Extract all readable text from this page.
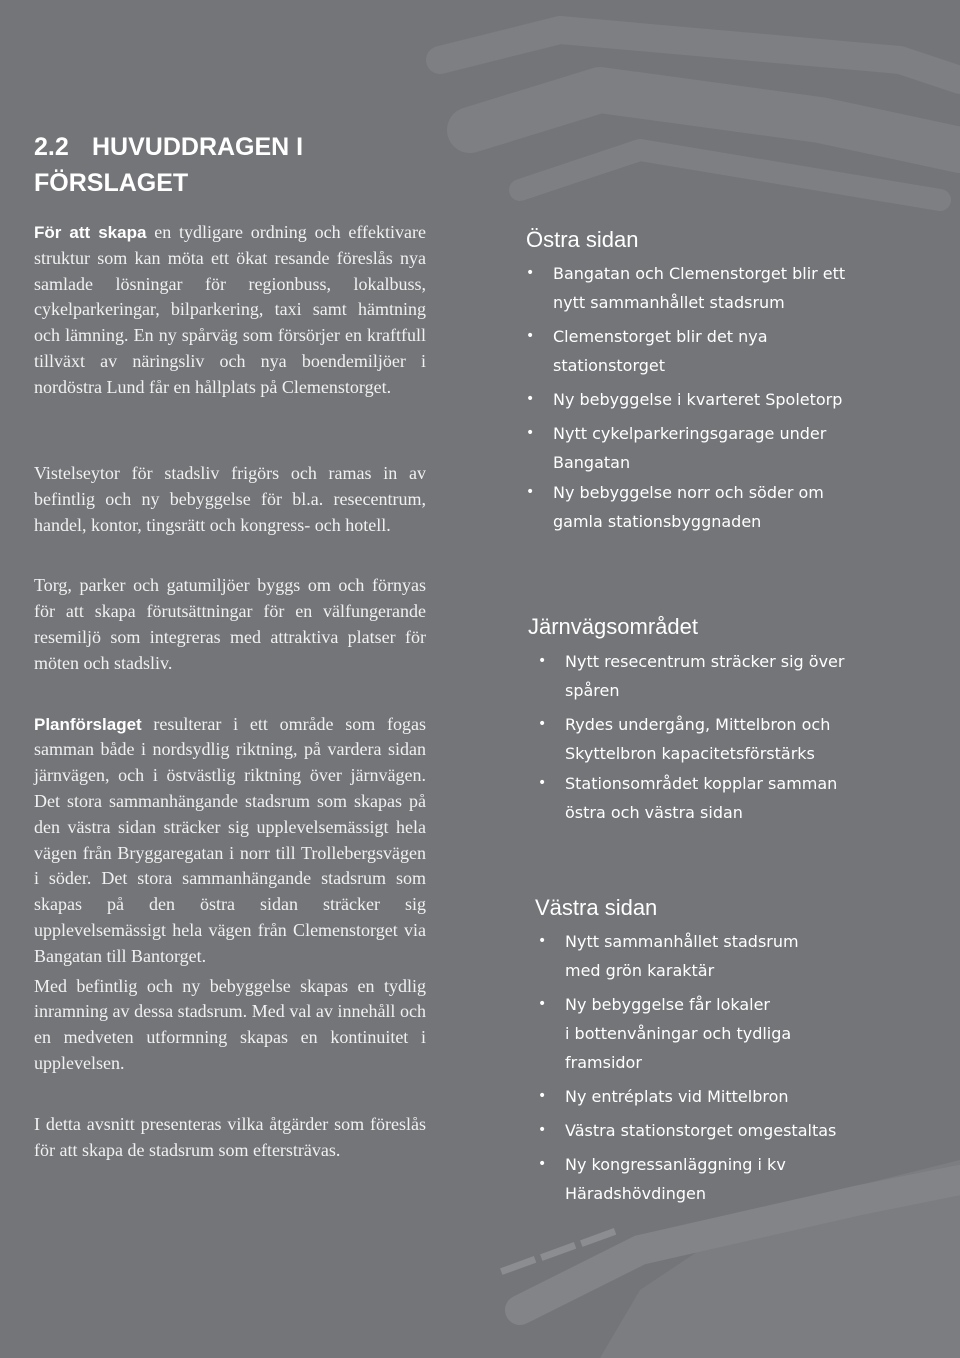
2.2 HUVUDDRAGEN I
FÖRSLAGET

För att skapa en tydligare ordning och effektivare struktur som kan möta ett ökat resande föreslås nya samlade lösningar för regionbuss, lokalbuss, cykelparkeringar, bilparkering, taxi samt hämtning och lämning. En ny spårväg som försörjer en kraftfull tillväxt av näringsliv och nya boendemiljöer i nordöstra Lund får en hållplats på Clemenstorget.

Vistelseytor för stadsliv frigörs och ramas in av befintlig och ny bebyggelse för bl.a. resecentrum, handel, kontor, tingsrätt och kongress- och hotell.

Torg, parker och gatumiljöer byggs om och förnyas för att skapa förutsättningar för en välfungerande resemiljö som integreras med attraktiva platser för möten och stadsliv.

Planförslaget resulterar i ett område som fogas samman både i nordsydlig riktning, på vardera sidan järnvägen, och i östvästlig riktning över järnvägen. Det stora sammanhängande stadsrum som skapas på den västra sidan sträcker sig upplevelsemässigt hela vägen från Bryggaregatan i norr till Trollebergsvägen i söder. Det stora sammanhängande stadsrum som skapas på den östra sidan sträcker sig upplevelsemässigt hela vägen från Clemenstorget via Bangatan till Bantorget.

Med befintlig och ny bebyggelse skapas en tydlig inramning av dessa stadsrum. Med val av innehåll och en medveten utformning skapas en kontinuitet i upplevelsen.

I detta avsnitt presenteras vilka åtgärder som föreslås för att skapa de stadsrum som eftersträvas.

Östra sidan
• Bangatan och Clemenstorget blir ett
nytt sammanhållet stadsrum
• Clemenstorget blir det nya
stationstorget
• Ny bebyggelse i kvarteret Spoletorp
• Nytt cykelparkeringsgarage under
Bangatan
• Ny bebyggelse norr och söder om
gamla stationsbyggnaden
Järnvägsområdet
• Nytt resecentrum sträcker sig över
spåren
• Rydes undergång, Mittelbron och
Skyttelbron kapacitetsförstärks
• Stationsområdet kopplar samman
östra och västra sidan
Västra sidan
• Nytt sammanhållet stadsrum
med grön karaktär
• Ny bebyggelse får lokaler
i bottenvåningar och tydliga
framsidor
• Ny entréplats vid Mittelbron
• Västra stationstorget omgestaltas
• Ny kongressanläggning i kv
Häradshövdingen
